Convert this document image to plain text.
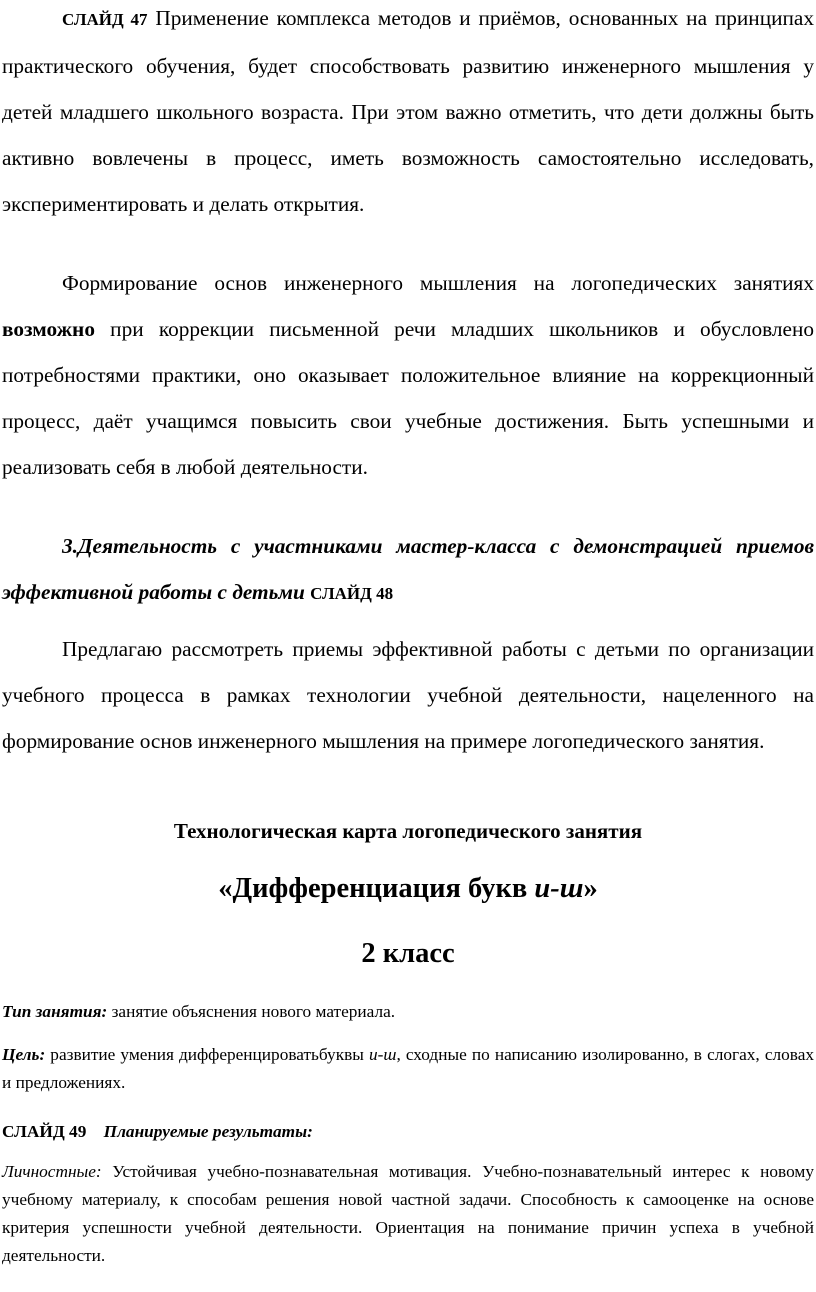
СЛАЙД 47 Применение комплекса методов и приёмов, основанных на принципах практического обучения, будет способствовать развитию инженерного мышления у детей младшего школьного возраста. При этом важно отметить, что дети должны быть активно вовлечены в процесс, иметь возможность самостоятельно исследовать, экспериментировать и делать открытия.

Формирование основ инженерного мышления на логопедических занятиях возможно при коррекции письменной речи младших школьников и обусловлено потребностями практики, оно оказывает положительное влияние на коррекционный процесс, даёт учащимся повысить свои учебные достижения. Быть успешными и реализовать себя в любой деятельности.

3.Деятельность с участниками мастер-класса с демонстрацией приемов эффективной работы с детьми СЛАЙД 48

Предлагаю рассмотреть приемы эффективной работы с детьми по организации учебного процесса в рамках технологии учебной деятельности, нацеленного на формирование основ инженерного мышления на примере логопедического занятия.

Технологическая карта логопедического занятия

«Дифференциация букв и-ш»

2 класс

Тип занятия: занятие объяснения нового материала.

Цель: развитие умения дифференцироватьбуквы и-ш, сходные по написанию изолированно, в слогах, словах и предложениях.

СЛАЙД 49 Планируемые результаты:

Личностные: Устойчивая учебно-познавательная мотивация. Учебно-познавательный интерес к новому учебному материалу, к способам решения новой частной задачи. Способность к самооценке на основе критерия успешности учебной деятельности. Ориентация на понимание причин успеха в учебной деятельности.
